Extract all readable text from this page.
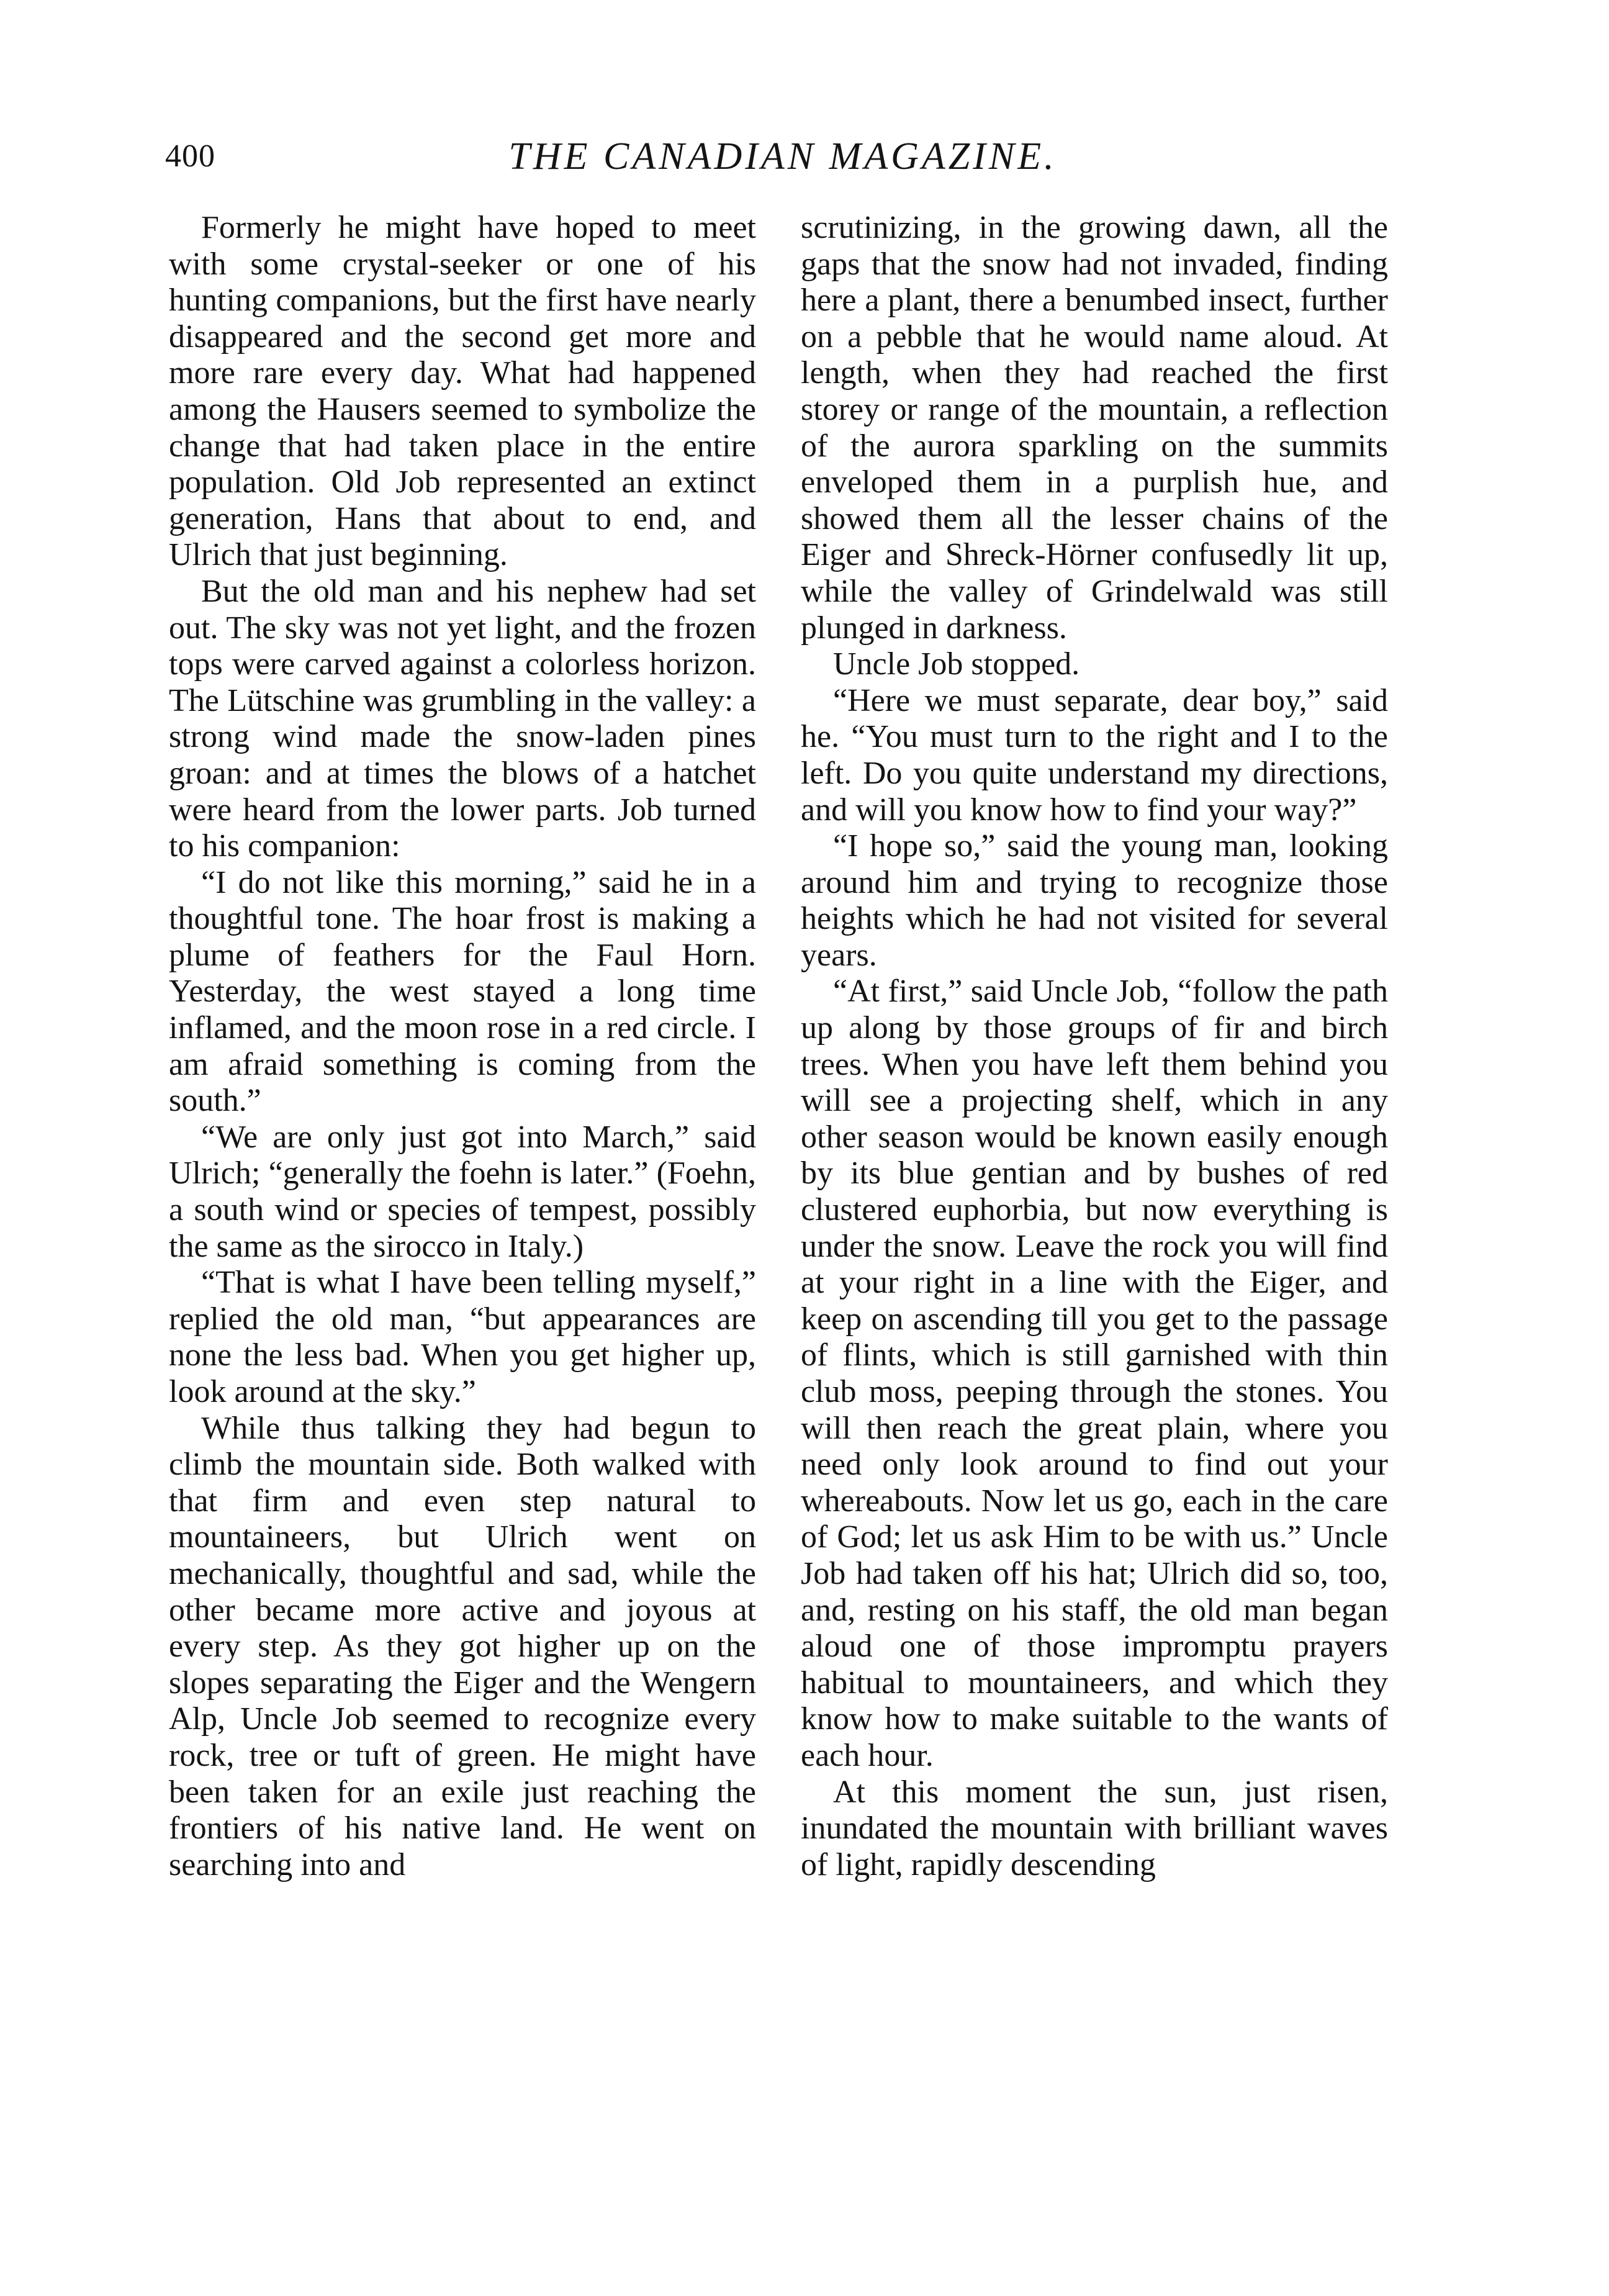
400	THE CANADIAN MAGAZINE.

Formerly he might have hoped to meet with some crystal-seeker or one of his hunting companions, but the first have nearly disappeared and the second get more and more rare every day. What had happened among the Hausers seemed to symbolize the change that had taken place in the entire population. Old Job represented an extinct generation, Hans that about to end, and Ulrich that just beginning.

But the old man and his nephew had set out. The sky was not yet light, and the frozen tops were carved against a colorless horizon. The Lütschine was grumbling in the valley: a strong wind made the snow-laden pines groan: and at times the blows of a hatchet were heard from the lower parts. Job turned to his companion:

“I do not like this morning,” said he in a thoughtful tone. The hoar frost is making a plume of feathers for the Faul Horn. Yesterday, the west stayed a long time inflamed, and the moon rose in a red circle. I am afraid something is coming from the south.”

“We are only just got into March,” said Ulrich; “generally the foehn is later.” (Foehn, a south wind or species of tempest, possibly the same as the sirocco in Italy.)

“That is what I have been telling myself,” replied the old man, “but appearances are none the less bad. When you get higher up, look around at the sky.”

While thus talking they had begun to climb the mountain side. Both walked with that firm and even step natural to mountaineers, but Ulrich went on mechanically, thoughtful and sad, while the other became more active and joyous at every step. As they got higher up on the slopes separating the Eiger and the Wengern Alp, Uncle Job seemed to recognize every rock, tree or tuft of green. He might have been taken for an exile just reaching the frontiers of his native land. He went on searching into and

scrutinizing, in the growing dawn, all the gaps that the snow had not invaded, finding here a plant, there a benumbed insect, further on a pebble that he would name aloud. At length, when they had reached the first storey or range of the mountain, a reflection of the aurora sparkling on the summits enveloped them in a purplish hue, and showed them all the lesser chains of the Eiger and Shreck-Hörner confusedly lit up, while the valley of Grindelwald was still plunged in darkness.

Uncle Job stopped.

“Here we must separate, dear boy,” said he. “You must turn to the right and I to the left. Do you quite understand my directions, and will you know how to find your way?”

“I hope so,” said the young man, looking around him and trying to recognize those heights which he had not visited for several years.

“At first,” said Uncle Job, “follow the path up along by those groups of fir and birch trees. When you have left them behind you will see a projecting shelf, which in any other season would be known easily enough by its blue gentian and by bushes of red clustered euphorbia, but now everything is under the snow. Leave the rock you will find at your right in a line with the Eiger, and keep on ascending till you get to the passage of flints, which is still garnished with thin club moss, peeping through the stones. You will then reach the great plain, where you need only look around to find out your whereabouts. Now let us go, each in the care of God; let us ask Him to be with us.” Uncle Job had taken off his hat; Ulrich did so, too, and, resting on his staff, the old man began aloud one of those impromptu prayers habitual to mountaineers, and which they know how to make suitable to the wants of each hour.

At this moment the sun, just risen, inundated the mountain with brilliant waves of light, rapidly descending
